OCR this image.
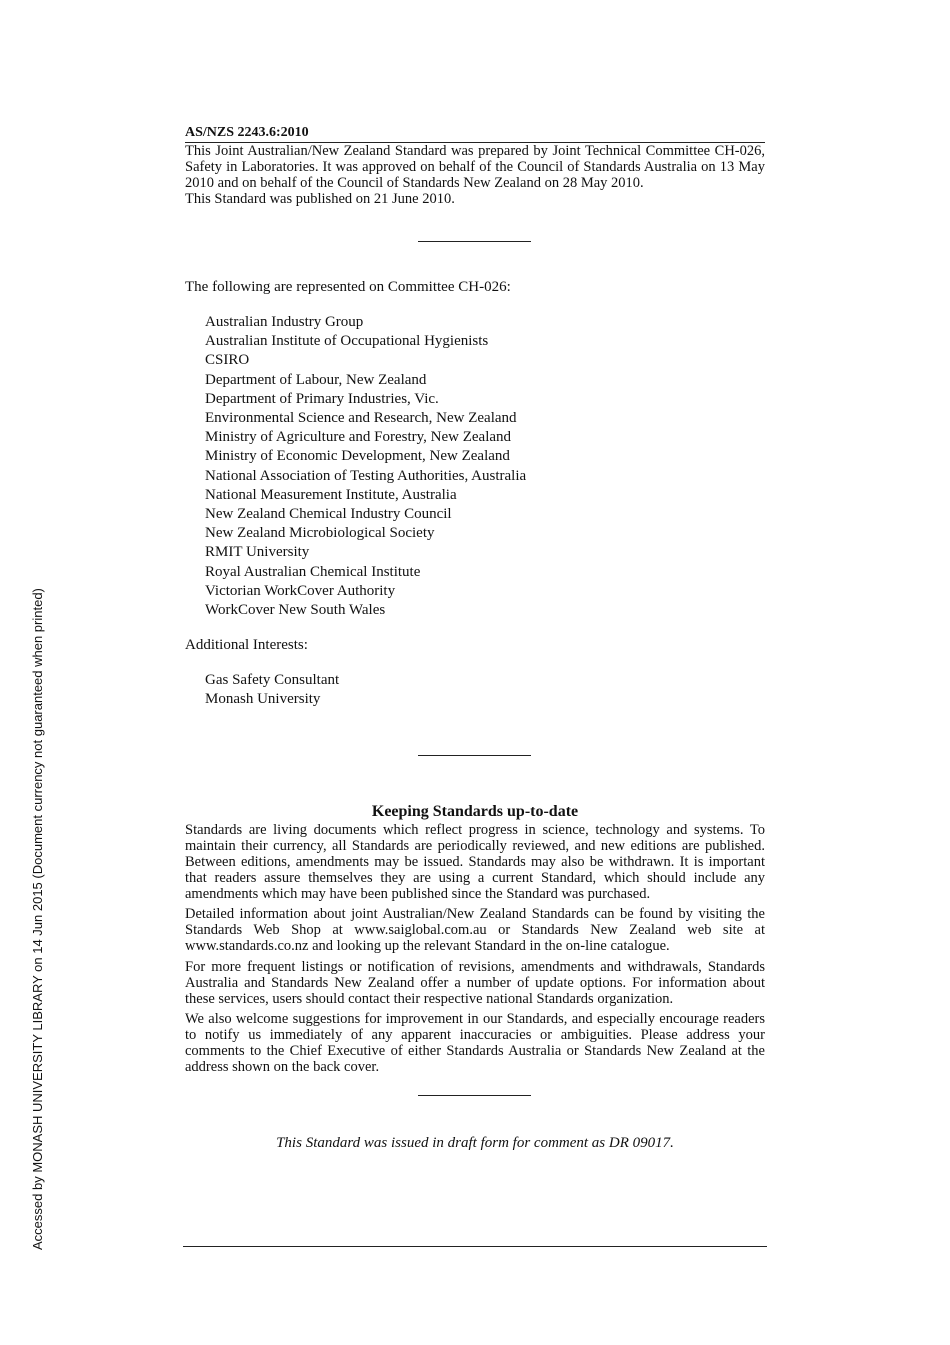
Accessed by MONASH UNIVERSITY LIBRARY on 14 Jun 2015 (Document currency not guaranteed when printed)
AS/NZS 2243.6:2010

This Joint Australian/New Zealand Standard was prepared by Joint Technical Committee CH-026, Safety in Laboratories. It was approved on behalf of the Council of Standards Australia on 13 May 2010 and on behalf of the Council of Standards New Zealand on 28 May 2010.

This Standard was published on 21 June 2010.

The following are represented on Committee CH-026:

Australian Industry Group
Australian Institute of Occupational Hygienists
CSIRO
Department of Labour, New Zealand
Department of Primary Industries, Vic.
Environmental Science and Research, New Zealand
Ministry of Agriculture and Forestry, New Zealand
Ministry of Economic Development, New Zealand
National Association of Testing Authorities, Australia
National Measurement Institute, Australia
New Zealand Chemical Industry Council
New Zealand Microbiological Society
RMIT University
Royal Australian Chemical Institute
Victorian WorkCover Authority
WorkCover New South Wales

Additional Interests:

Gas Safety Consultant
Monash University
Keeping Standards up-to-date

Standards are living documents which reflect progress in science, technology and systems. To maintain their currency, all Standards are periodically reviewed, and new editions are published. Between editions, amendments may be issued. Standards may also be withdrawn. It is important that readers assure themselves they are using a current Standard, which should include any amendments which may have been published since the Standard was purchased.

Detailed information about joint Australian/New Zealand Standards can be found by visiting the Standards Web Shop at www.saiglobal.com.au or Standards New Zealand web site at www.standards.co.nz and looking up the relevant Standard in the on-line catalogue.

For more frequent listings or notification of revisions, amendments and withdrawals, Standards Australia and Standards New Zealand offer a number of update options. For information about these services, users should contact their respective national Standards organization.

We also welcome suggestions for improvement in our Standards, and especially encourage readers to notify us immediately of any apparent inaccuracies or ambiguities. Please address your comments to the Chief Executive of either Standards Australia or Standards New Zealand at the address shown on the back cover.

This Standard was issued in draft form for comment as DR 09017.
